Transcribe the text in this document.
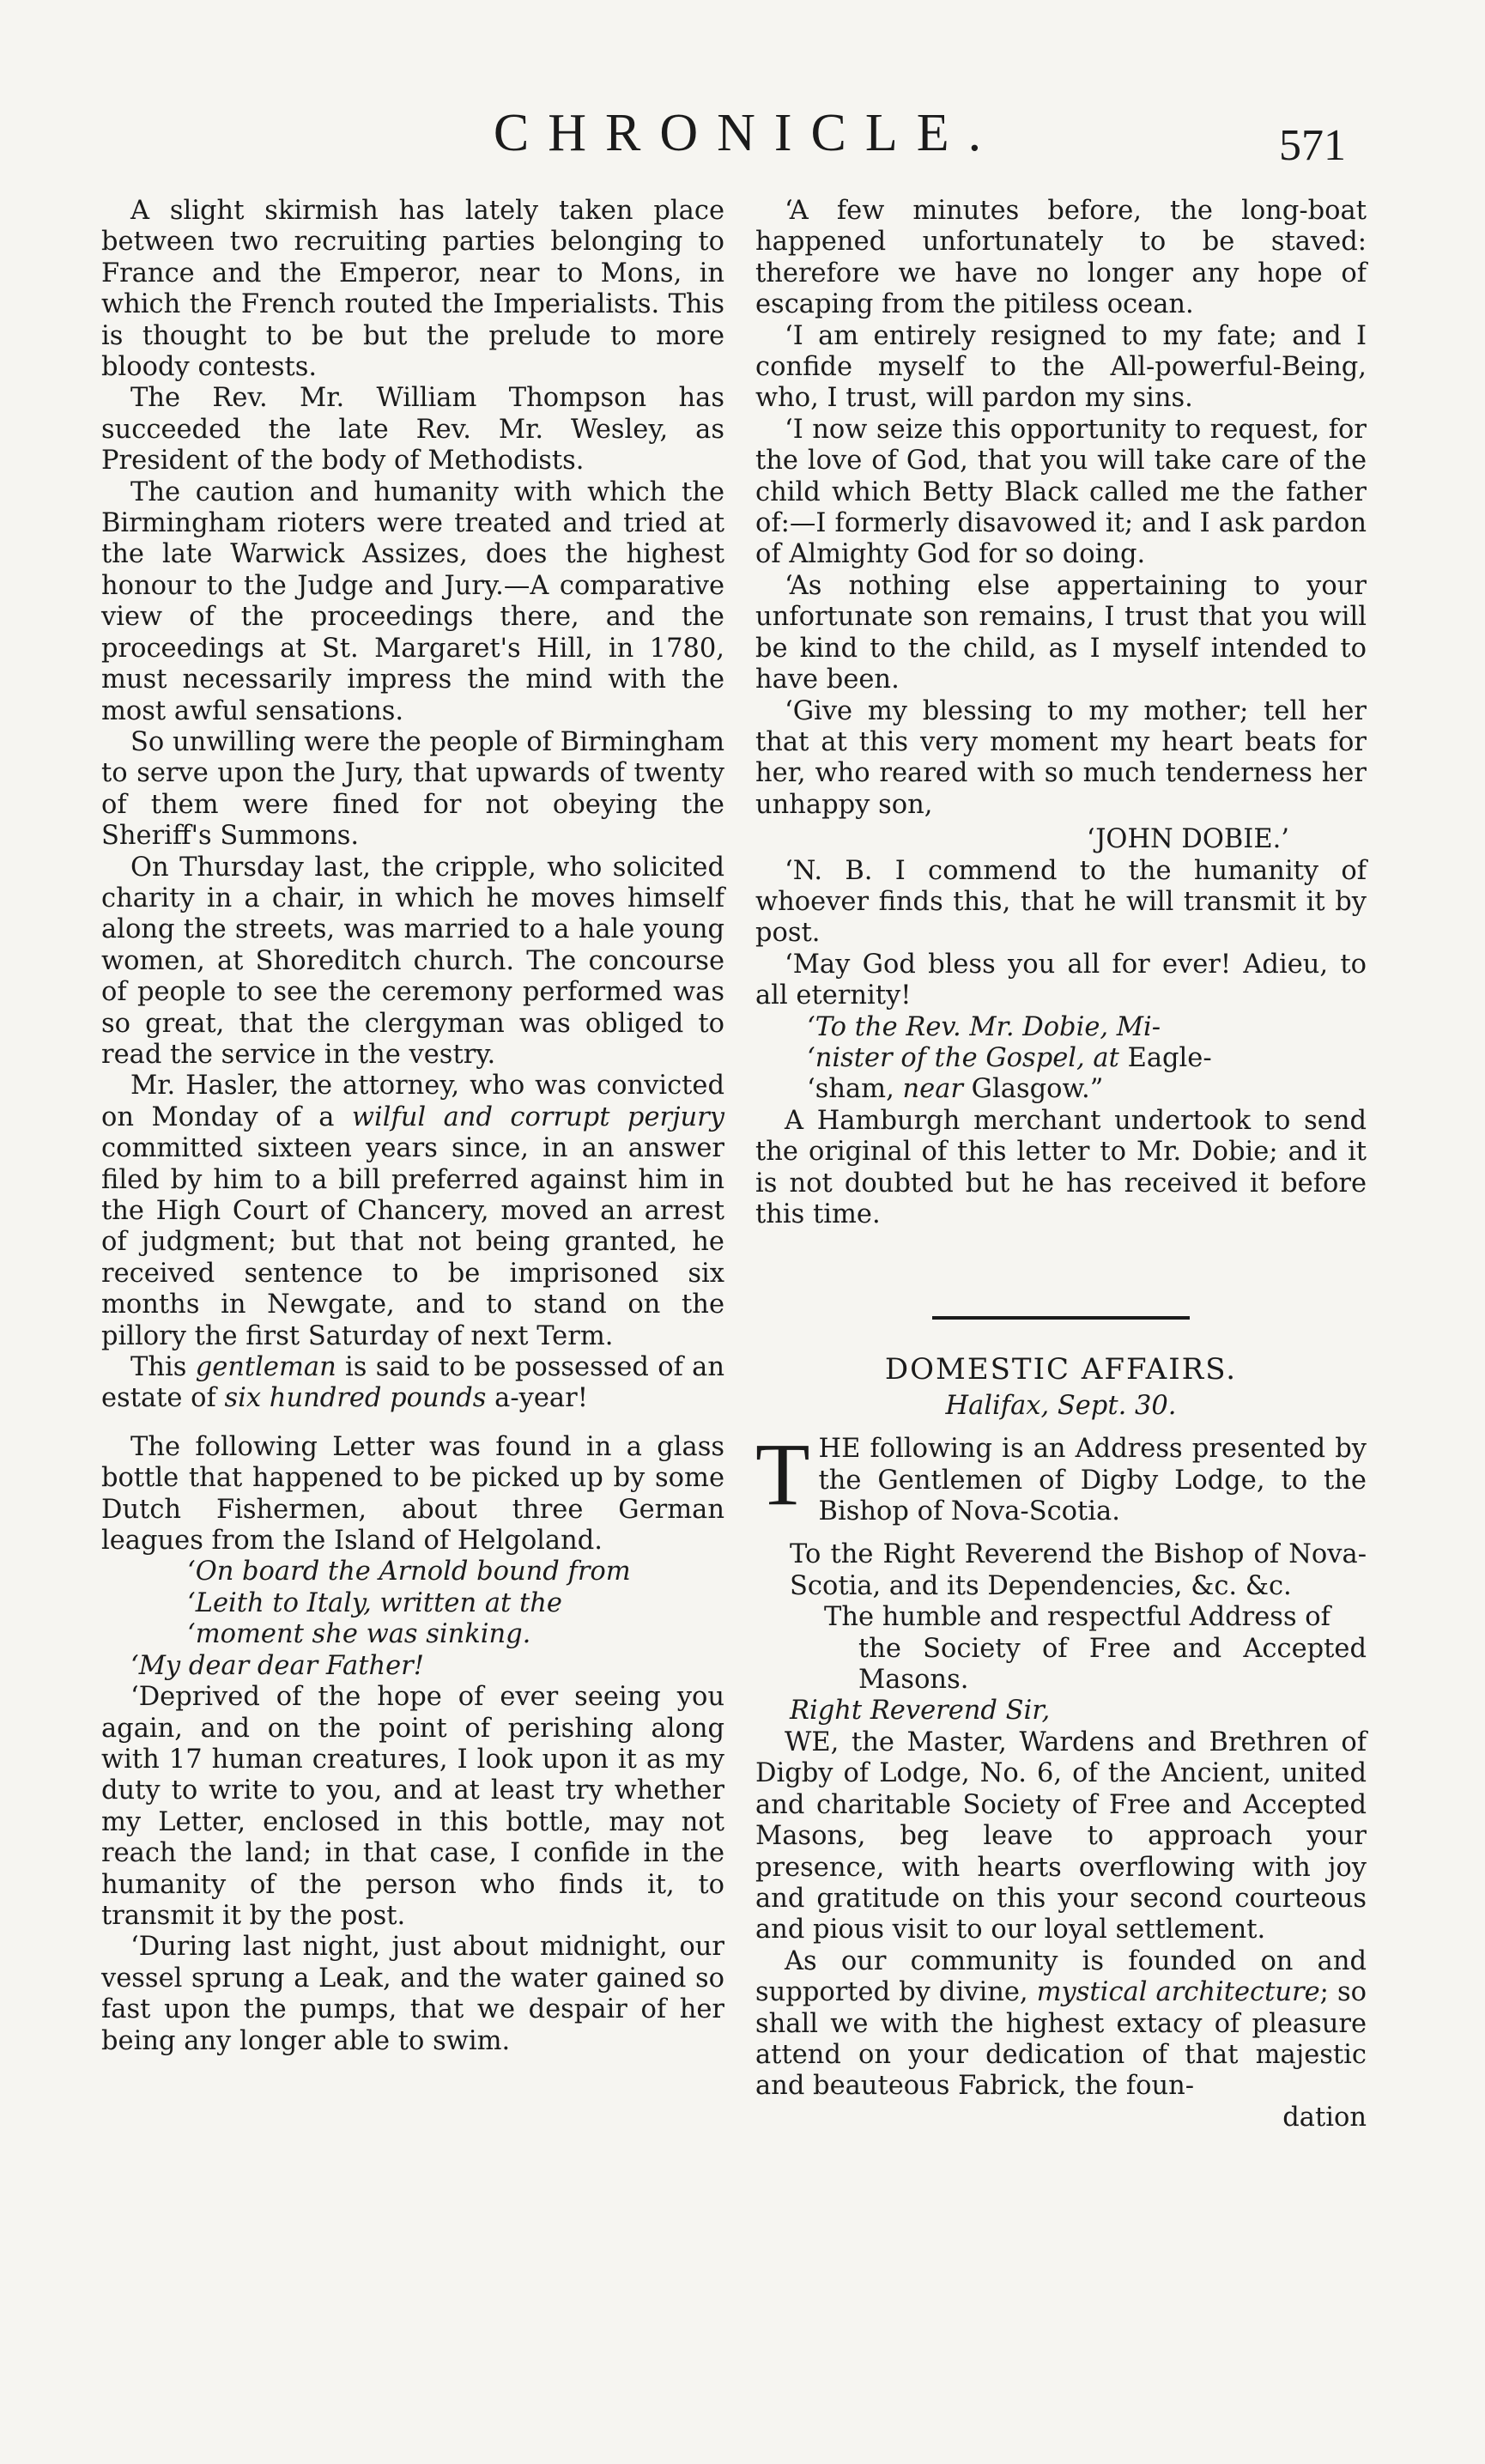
CHRONICLE.	571

A slight skirmish has lately taken place between two recruiting parties belonging to France and the Emperor, near to Mons, in which the French routed the Imperialists. This is thought to be but the prelude to more bloody contests.

The Rev. Mr. William Thompson has succeeded the late Rev. Mr. Wesley, as President of the body of Methodists.

The caution and humanity with which the Birmingham rioters were treated and tried at the late Warwick Assizes, does the highest honour to the Judge and Jury.—A comparative view of the proceedings there, and the proceedings at St. Margaret's Hill, in 1780, must necessarily impress the mind with the most awful sensations.

So unwilling were the people of Birmingham to serve upon the Jury, that upwards of twenty of them were fined for not obeying the Sheriff's Summons.

On Thursday last, the cripple, who solicited charity in a chair, in which he moves himself along the streets, was married to a hale young women, at Shoreditch church. The concourse of people to see the ceremony performed was so great, that the clergyman was obliged to read the service in the vestry.

Mr. Hasler, the attorney, who was convicted on Monday of a wilful and corrupt perjury committed sixteen years since, in an answer filed by him to a bill preferred against him in the High Court of Chancery, moved an arrest of judgment; but that not being granted, he received sentence to be imprisoned six months in Newgate, and to stand on the pillory the first Saturday of next Term.

This gentleman is said to be possessed of an estate of six hundred pounds a-year!

The following Letter was found in a glass bottle that happened to be picked up by some Dutch Fishermen, about three German leagues from the Island of Helgoland.

‘On board the Arnold bound from

‘Leith to Italy, written at the

‘moment she was sinking.

‘My dear dear Father!

‘Deprived of the hope of ever seeing you again, and on the point of perishing along with 17 human creatures, I look upon it as my duty to write to you, and at least try whether my Letter, enclosed in this bottle, may not reach the land; in that case, I confide in the humanity of the person who finds it, to transmit it by the post.

‘During last night, just about midnight, our vessel sprung a Leak, and the water gained so fast upon the pumps, that we despair of her being any longer able to swim.

‘A few minutes before, the long-boat happened unfortunately to be staved: therefore we have no longer any hope of escaping from the pitiless ocean.

‘I am entirely resigned to my fate; and I confide myself to the All-powerful-Being, who, I trust, will pardon my sins.

‘I now seize this opportunity to request, for the love of God, that you will take care of the child which Betty Black called me the father of:—I formerly disavowed it; and I ask pardon of Almighty God for so doing.

‘As nothing else appertaining to your unfortunate son remains, I trust that you will be kind to the child, as I myself intended to have been.

‘Give my blessing to my mother; tell her that at this very moment my heart beats for her, who reared with so much tenderness her unhappy son,

‘JOHN DOBIE.’

‘N. B. I commend to the humanity of whoever finds this, that he will transmit it by post.

‘May God bless you all for ever! Adieu, to all eternity!

‘To the Rev. Mr. Dobie, Mi-

‘nister of the Gospel, at Eagle-

‘sham, near Glasgow.”

A Hamburgh merchant undertook to send the original of this letter to Mr. Dobie; and it is not doubted but he has received it before this time.

DOMESTIC AFFAIRS.
Halifax, Sept. 30.

THE following is an Address presented by the Gentlemen of Digby Lodge, to the Bishop of Nova-Scotia.

To the Right Reverend the Bishop of Nova-Scotia, and its Dependencies, &c. &c.

The humble and respectful Address of

the Society of Free and Accepted Masons.

Right Reverend Sir,

WE, the Master, Wardens and Brethren of Digby of Lodge, No. 6, of the Ancient, united and charitable Society of Free and Accepted Masons, beg leave to approach your presence, with hearts overflowing with joy and gratitude on this your second courteous and pious visit to our loyal settlement.

As our community is founded on and supported by divine, mystical architecture; so shall we with the highest extacy of pleasure attend on your dedication of that majestic and beauteous Fabrick, the foun-

dation
